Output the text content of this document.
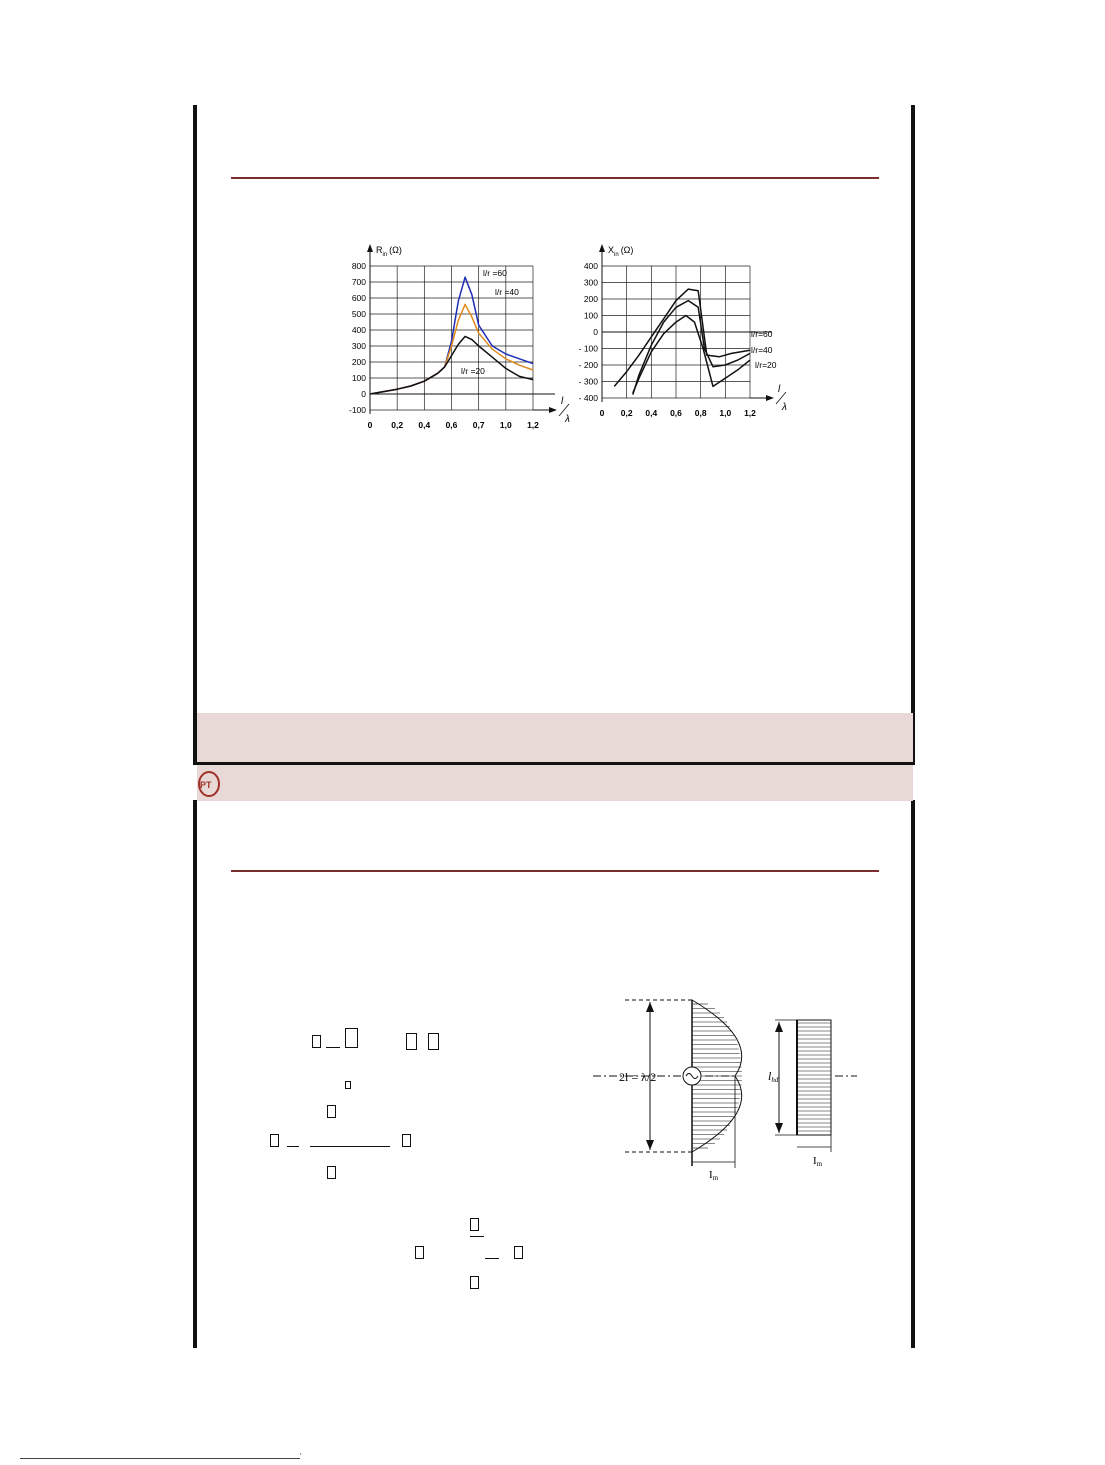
800
700
600
500
400
300
200
100
0
-100
0 0,2 0,4 0,6 0,7 1,0 1,2
$R_{in}$ (Ω)
l
λ
l/r =60
l/r =40
l/r =20
400
300
200
100
0
- 100
- 200
- 300
- 400
0 0,2 0,4 0,6 0,8 1,0 1,2
$X_{in}$ (Ω)
l
λ
l/r=60
l/r=40
l/r=20
PT

Im
2l = λ/2	lhd
Im
'
